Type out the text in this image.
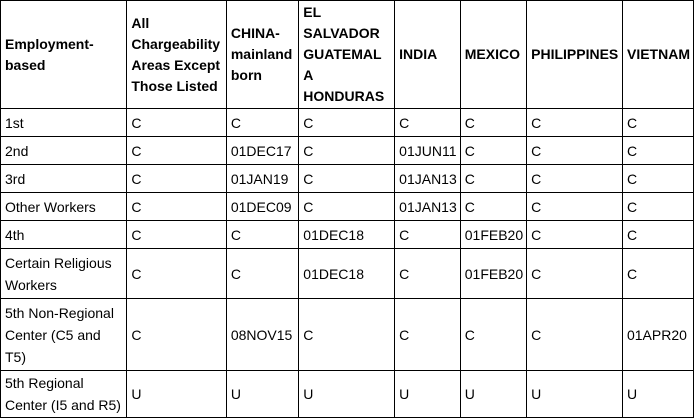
Employment-based	All Chargeability Areas Except Those Listed	CHINA-mainland born	EL SALVADOR GUATEMALA HONDURAS	INDIA	MEXICO	PHILIPPINES	VIETNAM
1st	C	C	C	C	C	C	C
2nd	C	01DEC17	C	01JUN11	C	C	C
3rd	C	01JAN19	C	01JAN13	C	C	C
Other Workers	C	01DEC09	C	01JAN13	C	C	C
4th	C	C	01DEC18	C	01FEB20	C	C
Certain Religious Workers	C	C	01DEC18	C	01FEB20	C	C
5th Non-Regional Center (C5 and T5)	C	08NOV15	C	C	C	C	01APR20
5th Regional Center (I5 and R5)	U	U	U	U	U	U	U
